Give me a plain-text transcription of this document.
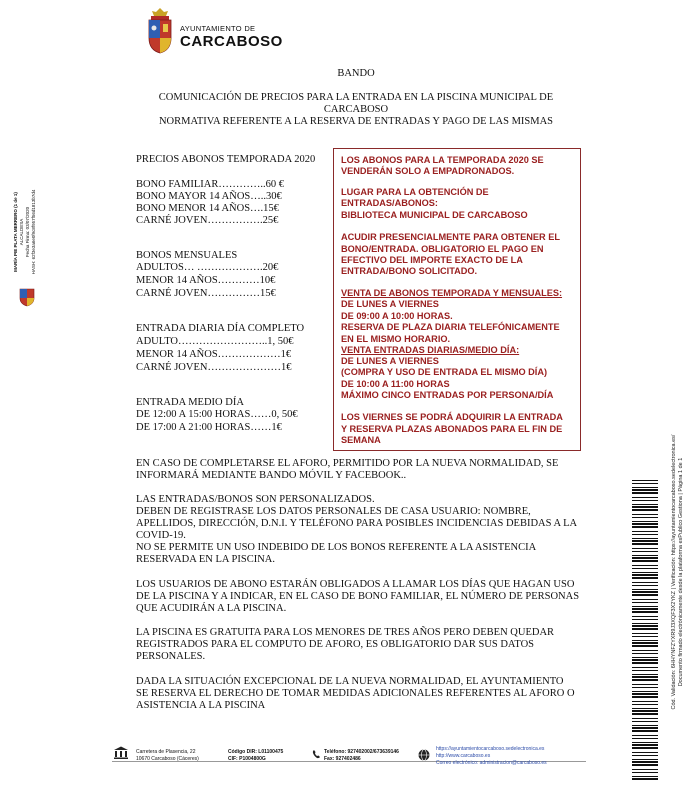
AYUNTAMIENTO DE
CARCABOSO
BANDO
COMUNICACIÓN DE PRECIOS PARA LA ENTRADA EN LA PISCINA MUNICIPAL DE
CARCABOSO
NORMATIVA REFERENTE A LA RESERVA DE ENTRADAS Y PAGO DE LAS MISMAS
PRECIOS ABONOS TEMPORADA 2020
BONO FAMILIAR…………..60 €
BONO MAYOR 14 AÑOS…..30€
BONO MENOR 14 AÑOS….15€
CARNÉ JOVEN…………….25€
BONOS MENSUALES
ADULTOS… ……………….20€
MENOR 14 AÑOS…………10€
CARNÉ JOVEN……………15€
ENTRADA DIARIA DÍA COMPLETO
ADULTO……………………..1, 50€
MENOR 14 AÑOS………………1€
CARNÉ JOVEN…………………1€
ENTRADA MEDIO DÍA
DE 12:00 A 15:00 HORAS……0, 50€
DE 17:00 A 21:00 HORAS……1€
LOS ABONOS PARA LA TEMPORADA 2020 SE
VENDERÁN SOLO A EMPADRONADOS.
LUGAR PARA LA OBTENCIÓN DE
ENTRADAS/ABONOS:
BIBLIOTECA MUNICIPAL DE CARCABOSO
ACUDIR PRESENCIALMENTE PARA OBTENER EL
BONO/ENTRADA. OBLIGATORIO EL PAGO EN
EFECTIVO DEL IMPORTE EXACTO DE LA
ENTRADA/BONO SOLICITADO.
VENTA DE ABONOS TEMPORADA Y MENSUALES:
DE LUNES A VIERNES
DE 09:00 A 10:00 HORAS.
RESERVA DE PLAZA DIARIA TELEFÓNICAMENTE
EN EL MISMO HORARIO.
VENTA ENTRADAS DIARIAS/MEDIO DÍA:
DE LUNES A VIERNES
(COMPRA Y USO DE ENTRADA EL MISMO DÍA)
DE 10:00 A 11:00 HORAS
MÁXIMO CINCO ENTRADAS POR PERSONA/DÍA
LOS VIERNES SE PODRÁ ADQUIRIR LA ENTRADA
Y RESERVA PLAZAS ABONADOS PARA EL FIN DE
SEMANA
EN CASO DE COMPLETARSE EL AFORO, PERMITIDO POR LA NUEVA NORMALIDAD, SE
INFORMARÁ MEDIANTE BANDO MÓVIL Y FACEBOOK..
LAS ENTRADAS/BONOS SON PERSONALIZADOS.
DEBEN DE REGISTRASE LOS DATOS PERSONALES DE CASA USUARIO: NOMBRE,
APELLIDOS, DIRECCIÓN, D.N.I. Y TELÉFONO PARA POSIBLES INCIDENCIAS DEBIDAS A LA
COVID-19.
NO SE PERMITE UN USO INDEBIDO DE LOS BONOS REFERENTE A LA ASISTENCIA
RESERVADA EN LA PISCINA.
LOS USUARIOS DE ABONO ESTARÁN OBLIGADOS A LLAMAR LOS DÍAS QUE HAGAN USO
DE LA PISCINA Y A INDICAR, EN EL CASO DE BONO FAMILIAR, EL NÚMERO DE PERSONAS
QUE ACUDIRÁN A LA PISCINA.
LA PISCINA ES GRATUITA PARA LOS MENORES DE TRES AÑOS PERO DEBEN QUEDAR
REGISTRADOS PARA EL COMPUTO DE AFORO, ES OBLIGATORIO DAR SUS DATOS
PERSONALES.
DADA LA SITUACIÓN EXCEPCIONAL DE LA NUEVA NORMALIDAD, EL AYUNTAMIENTO
SE RESERVA EL DERECHO DE TOMAR MEDIDAS ADICIONALES REFERENTES AL AFORO O
ASISTENCIA A LA PISCINA
MARÍA PIE PLATA MERRERO (1 de 1) ALCALDESA Fecha Firma: 03/07/2020 HASH: 62f3e3a6e0f9c8f957f56d1813b7d4
Cód. Validación: 6HHYNFZYXR9J3XQF3X2YKZ | Verificación: https://ayuntamientocarcaboso.sedelectronica.es/ Documento firmado electrónicamente desde la plataforma esPublico Gestiona | Página 1 de 1
Carretera de Plasencia, 22
10670 Carcaboso (Cáceres)
Código DIR: L01100475
CIF: P1004800G
Teléfono: 927402002/673639146
Fax: 927402486
https://ayuntamientocarcaboso.sedelectronica.es
http://www.carcaboso.es
Correo electrónico: administracion@carcaboso.es
